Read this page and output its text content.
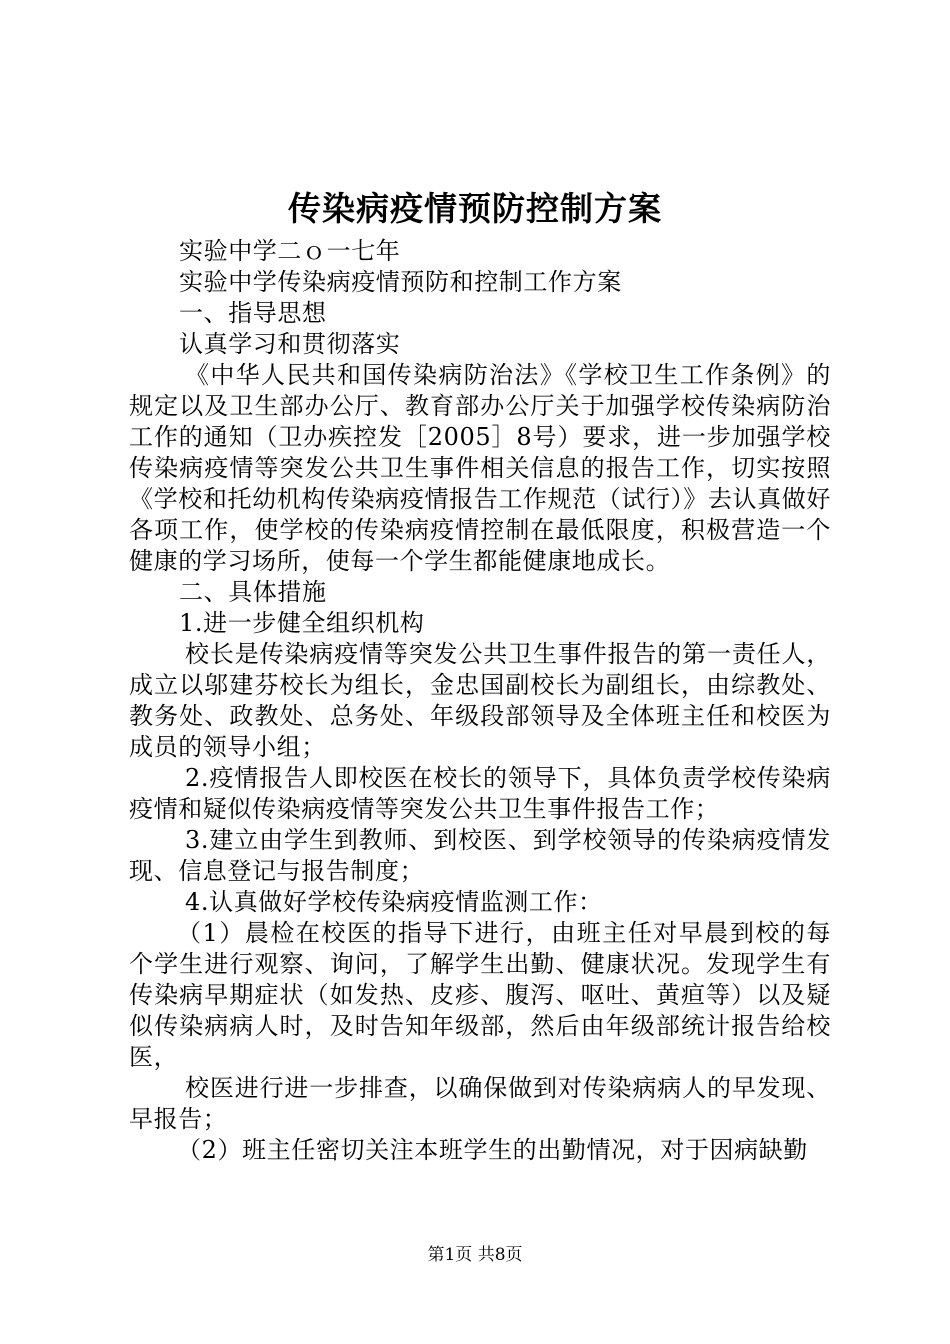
传染病疫情预防控制方案

实验中学二ｏ一七年

实验中学传染病疫情预防和控制工作方案

一、指导思想

认真学习和贯彻落实

《中华人民共和国传染病防治法》《学校卫生工作条例》的规定以及卫生部办公厅、教育部办公厅关于加强学校传染病防治工作的通知（卫办疾控发［2005］8号）要求，进一步加强学校传染病疫情等突发公共卫生事件相关信息的报告工作，切实按照《学校和托幼机构传染病疫情报告工作规范（试行）》去认真做好各项工作，使学校的传染病疫情控制在最低限度，积极营造一个健康的学习场所，使每一个学生都能健康地成长。

二、具体措施

1.进一步健全组织机构

校长是传染病疫情等突发公共卫生事件报告的第一责任人，成立以邬建芬校长为组长，金忠国副校长为副组长，由综教处、教务处、政教处、总务处、年级段部领导及全体班主任和校医为成员的领导小组；

2.疫情报告人即校医在校长的领导下，具体负责学校传染病疫情和疑似传染病疫情等突发公共卫生事件报告工作；

3.建立由学生到教师、到校医、到学校领导的传染病疫情发现、信息登记与报告制度；

4.认真做好学校传染病疫情监测工作：

（1）晨检在校医的指导下进行，由班主任对早晨到校的每个学生进行观察、询问，了解学生出勤、健康状况。发现学生有传染病早期症状（如发热、皮疹、腹泻、呕吐、黄疸等）以及疑似传染病病人时，及时告知年级部，然后由年级部统计报告给校医，

校医进行进一步排查，以确保做到对传染病病人的早发现、早报告；

（2）班主任密切关注本班学生的出勤情况，对于因病缺勤

第1页 共8页
